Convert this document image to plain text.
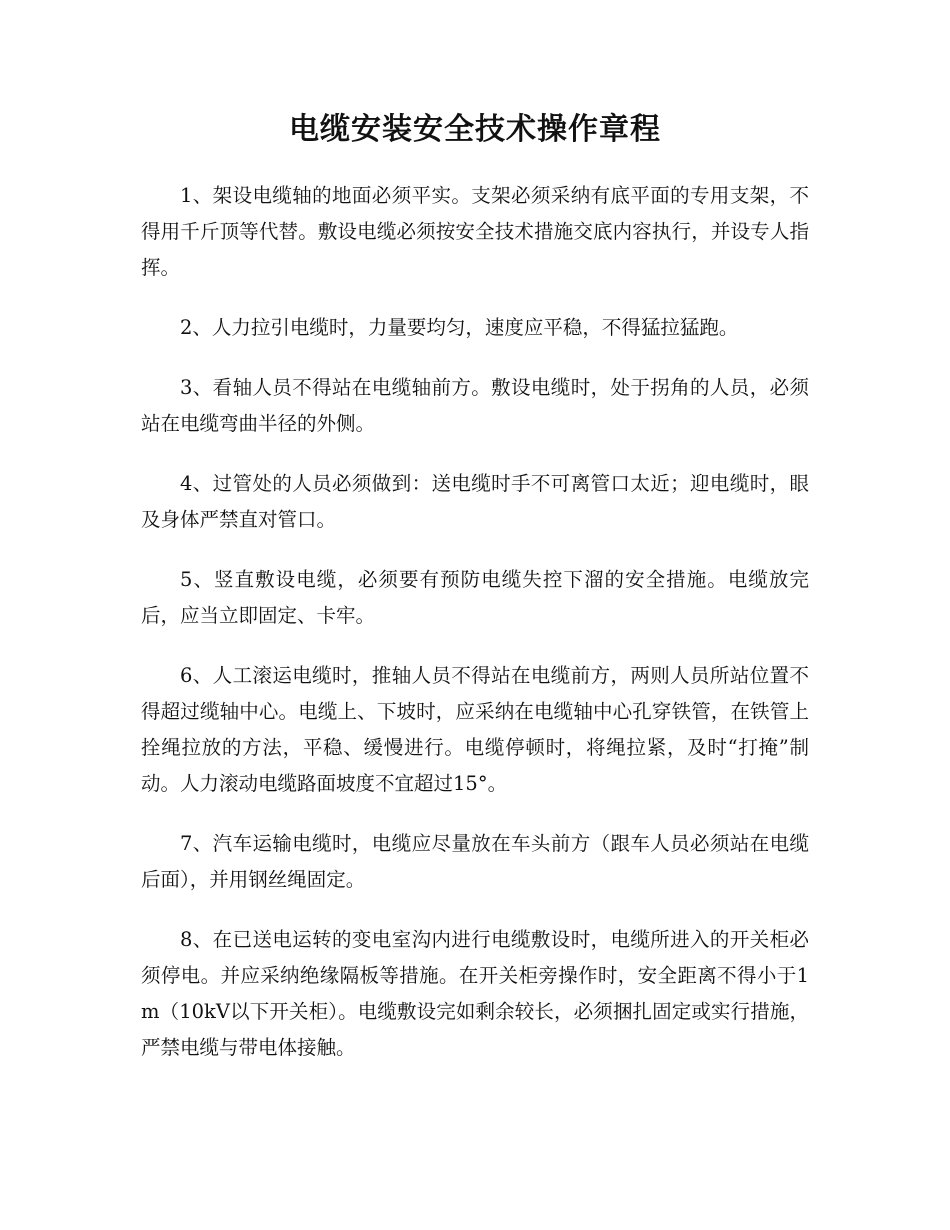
电缆安装安全技术操作章程

1、架设电缆轴的地面必须平实。支架必须采纳有底平面的专用支架，不得用千斤顶等代替。敷设电缆必须按安全技术措施交底内容执行，并设专人指挥。

2、人力拉引电缆时，力量要均匀，速度应平稳，不得猛拉猛跑。

3、看轴人员不得站在电缆轴前方。敷设电缆时，处于拐角的人员，必须站在电缆弯曲半径的外侧。

4、过管处的人员必须做到：送电缆时手不可离管口太近；迎电缆时，眼及身体严禁直对管口。

5、竖直敷设电缆，必须要有预防电缆失控下溜的安全措施。电缆放完后，应当立即固定、卡牢。

6、人工滚运电缆时，推轴人员不得站在电缆前方，两则人员所站位置不得超过缆轴中心。电缆上、下坡时，应采纳在电缆轴中心孔穿铁管，在铁管上拴绳拉放的方法，平稳、缓慢进行。电缆停顿时，将绳拉紧，及时“打掩”制动。人力滚动电缆路面坡度不宜超过15°。

7、汽车运输电缆时，电缆应尽量放在车头前方（跟车人员必须站在电缆后面），并用钢丝绳固定。

8、在已送电运转的变电室沟内进行电缆敷设时，电缆所进入的开关柜必须停电。并应采纳绝缘隔板等措施。在开关柜旁操作时，安全距离不得小于1m（10kV以下开关柜）。电缆敷设完如剩余较长，必须捆扎固定或实行措施，严禁电缆与带电体接触。
